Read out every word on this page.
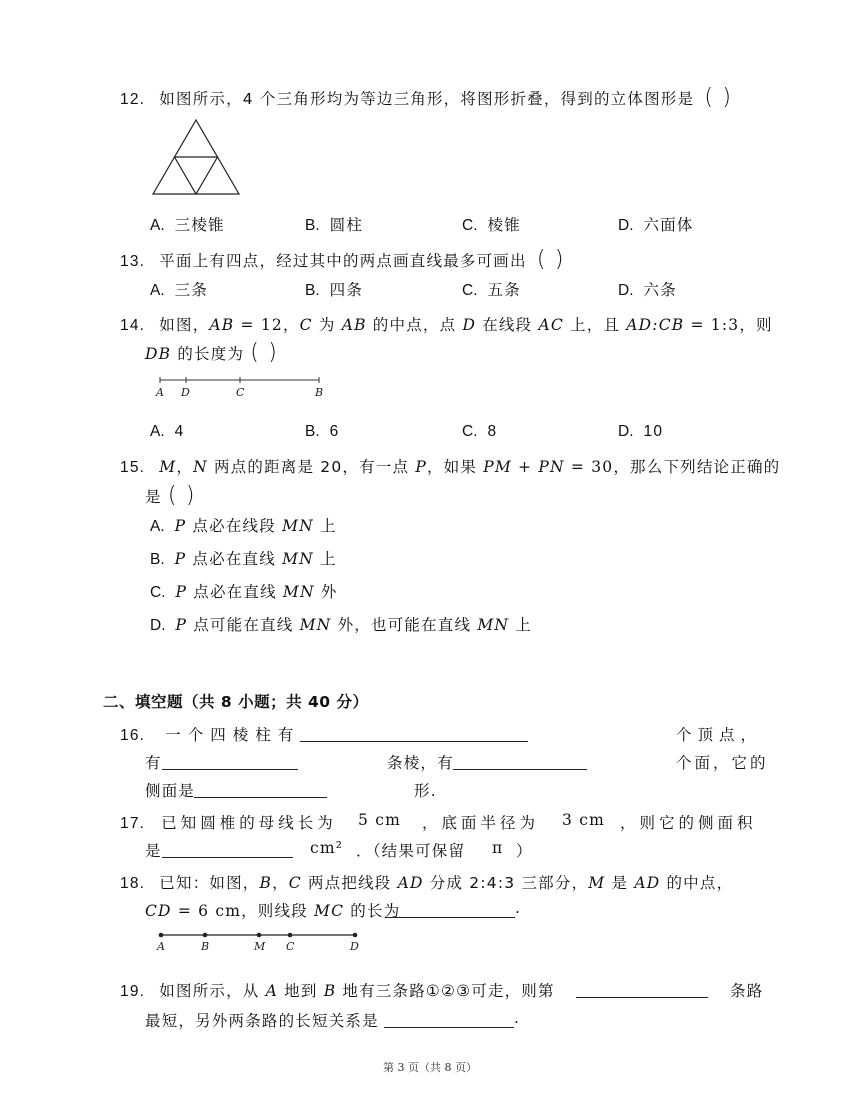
12. 如图所示，4 个三角形均为等边三角形，将图形折叠，得到的立体图形是 ( )
A. 三棱锥	B. 圆柱	C. 棱锥	D. 六面体
13. 平面上有四点，经过其中的两点画直线最多可画出 ( )
A. 三条	B. 四条	C. 五条	D. 六条
14. 如图，AB = 12，C 为 AB 的中点，点 D 在线段 AC 上，且 AD:CB = 1:3，则
DB 的长度为 ( )
A D	C	B
A. 4	B. 6	C. 8	D. 10
15. M，N 两点的距离是 20，有一点 P，如果 PM + PN = 30，那么下列结论正确的
是 ( )
A. P 点必在线段 MN 上
B. P 点必在直线 MN 上
C. P 点必在直线 MN 外
D. P 点可能在直线 MN 外，也可能在直线 MN 上
二、填空题（共 8 小题；共 40 分）
16. 一个四棱柱有	个顶点，
有	条棱，有	个面，它的
侧面是	形.
17. 已知圆椎的母线长为 5 cm ，底面半径为 3 cm ，则它的侧面积
是	cm² ．（结果可保留 π ）
18. 已知：如图，B，C 两点把线段 AD 分成 2:4:3 三部分，M 是 AD 的中点，
CD = 6 cm，则线段 MC 的长为	.
A	B	M C	D
19. 如图所示，从 A 地到 B 地有三条路①②③可走，则第	条路
最短，另外两条路的长短关系是	.
第 3 页（共 8 页）
